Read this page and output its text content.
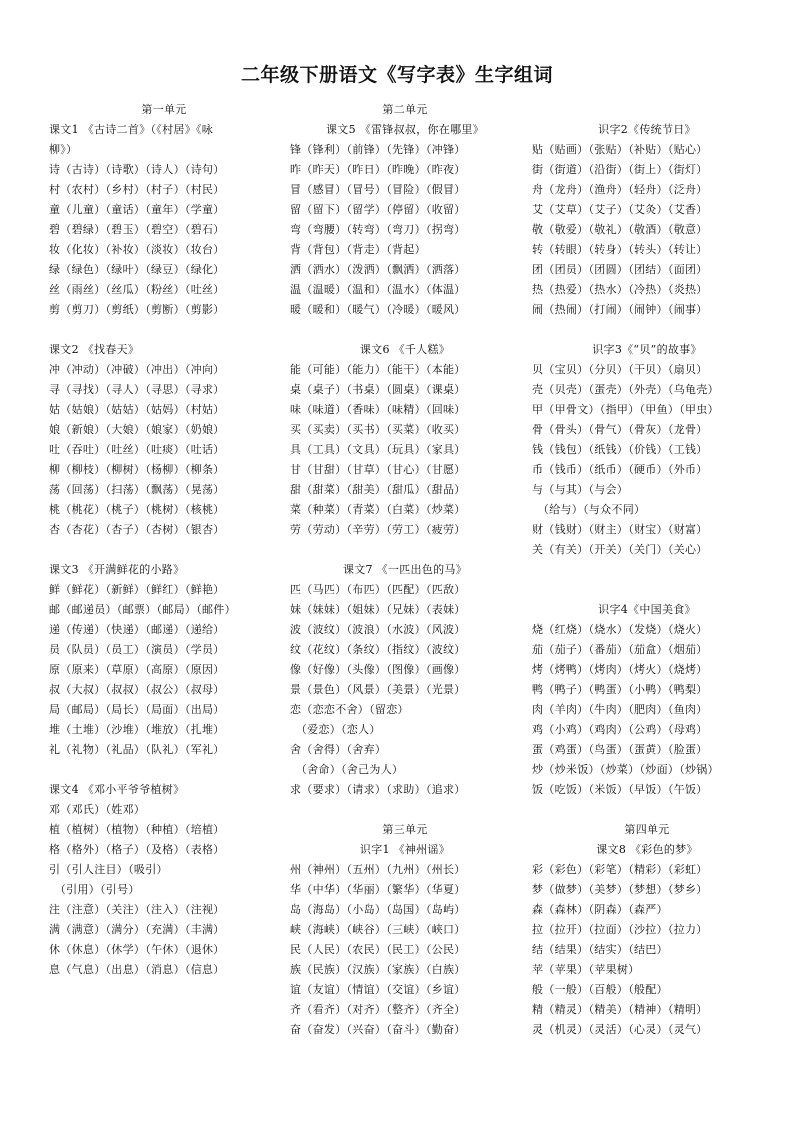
二年级下册语文《写字表》生字组词
第一单元
课文1 《古诗二首》（《村居》《咏
柳》）
诗（古诗）（诗歌）（诗人）（诗句）
村（农村）（乡村）（村子）（村民）
童（儿童）（童话）（童年）（学童）
碧（碧绿）（碧玉）（碧空）（碧石）
妆（化妆）（补妆）（淡妆）（妆台）
绿（绿色）（绿叶）（绿豆）（绿化）
丝（雨丝）（丝瓜）（粉丝）（吐丝）
剪（剪刀）（剪纸）（剪断）（剪影）
课文2 《找春天》
冲（冲动）（冲破）（冲出）（冲向）
寻（寻找）（寻人）（寻思）（寻求）
姑（姑娘）（姑姑）（姑妈）（村姑）
娘（新娘）（大娘）（娘家）（奶娘）
吐（吞吐）（吐丝）（吐痰）（吐话）
柳（柳枝）（柳树）（杨柳）（柳条）
荡（回荡）（扫荡）（飘荡）（晃荡）
桃（桃花）（桃子）（桃树）（核桃）
杏（杏花）（杏子）（杏树）（银杏）
课文3 《开满鲜花的小路》
鲜（鲜花）（新鲜）（鲜红）（鲜艳）
邮（邮递员）（邮票）（邮局）（邮件）
递（传递）（快递）（邮递）（递给）
员（队员）（员工）（演员）（学员）
原（原来）（草原）（高原）（原因）
叔（大叔）（叔叔）（叔公）（叔母）
局（邮局）（局长）（局面）（出局）
堆（土堆）（沙堆）（堆放）（扎堆）
礼（礼物）（礼品）（队礼）（军礼）
课文4 《邓小平爷爷植树》
邓（邓氏）（姓邓）
植（植树）（植物）（种植）（培植）
格（格外）（格子）（及格）（表格）
引（引人注目）（吸引）
　（引用）（引号）
注（注意）（关注）（注入）（注视）
满（满意）（满分）（充满）（丰满）
休（休息）（休学）（午休）（退休）
息（气息）（出息）（消息）（信息）
第二单元
课文5 《雷锋叔叔，你在哪里》
锋（锋利）（前锋）（先锋）（冲锋）
昨（昨天）（昨日）（昨晚）（昨夜）
冒（感冒）（冒号）（冒险）（假冒）
留（留下）（留学）（停留）（收留）
弯（弯腰）（转弯）（弯刀）（拐弯）
背（背包）（背走）（背起）
洒（洒水）（泼洒）（飘洒）（洒落）
温（温暖）（温和）（温水）（体温）
暖（暖和）（暖气）（冷暖）（暖风）
课文6 《千人糕》
能（可能）（能力）（能干）（本能）
桌（桌子）（书桌）（圆桌）（课桌）
味（味道）（香味）（味精）（回味）
买（买卖）（买书）（买菜）（收买）
具（工具）（文具）（玩具）（家具）
甘（甘甜）（甘草）（甘心）（甘愿）
甜（甜菜）（甜美）（甜瓜）（甜品）
菜（种菜）（青菜）（白菜）（炒菜）
劳（劳动）（辛劳）（劳工）（疲劳）
课文7 《一匹出色的马》
匹（马匹）（布匹）（匹配）（匹敌）
妹（妹妹）（姐妹）（兄妹）（表妹）
波（波纹）（波浪）（水波）（风波）
纹（花纹）（条纹）（指纹）（波纹）
像（好像）（头像）（图像）（画像）
景（景色）（风景）（美景）（光景）
恋（恋恋不舍）（留恋）
　（爱恋）（恋人）
舍（舍得）（舍弃）
　（舍命）（舍己为人）
求（要求）（请求）（求助）（追求）
第三单元
识字1 《神州谣》
州（神州）（五州）（九州）（州长）
华（中华）（华丽）（繁华）（华夏）
岛（海岛）（小岛）（岛国）（岛屿）
峡（海峡）（峡谷）（三峡）（峡口）
民（人民）（农民）（民工）（公民）
族（民族）（汉族）（家族）（白族）
谊（友谊）（情谊）（交谊）（乡谊）
齐（看齐）（对齐）（整齐）（齐全）
奋（奋发）（兴奋）（奋斗）（勤奋）
识字2《传统节日》
贴（贴画）（张贴）（补贴）（贴心）
街（街道）（沿街）（街上）（街灯）
舟（龙舟）（渔舟）（轻舟）（泛舟）
艾（艾草）（艾子）（艾灸）（艾香）
敬（敬爱）（敬礼）（敬酒）（敬意）
转（转眼）（转身）（转头）（转让）
团（团员）（团圆）（团结）（面团）
热（热爱）（热水）（冷热）（炎热）
闹（热闹）（打闹）（闹钟）（闹事）
识字3《“贝”的故事》
贝（宝贝）（分贝）（干贝）（扇贝）
壳（贝壳）（蛋壳）（外壳）（乌龟壳）
甲（甲骨文）（指甲）（甲鱼）（甲虫）
骨（骨头）（骨气）（骨灰）（龙骨）
钱（钱包）（纸钱）（价钱）（工钱）
币（钱币）（纸币）（硬币）（外币）
与（与其）（与会）
　（给与）（与众不同）
财（钱财）（财主）（财宝）（财富）
关（有关）（开关）（关门）（关心）
识字4《中国美食》
烧（红烧）（烧水）（发烧）（烧火）
茄（茄子）（番茄）（茄盒）（烟茄）
烤（烤鸭）（烤肉）（烤火）（烧烤）
鸭（鸭子）（鸭蛋）（小鸭）（鸭梨）
肉（羊肉）（牛肉）（肥肉）（鱼肉）
鸡（小鸡）（鸡肉）（公鸡）（母鸡）
蛋（鸡蛋）（鸟蛋）（蛋黄）（脸蛋）
炒（炒米饭）（炒菜）（炒面）（炒锅）
饭（吃饭）（米饭）（早饭）（午饭）
第四单元
课文8 《彩色的梦》
彩（彩色）（彩笔）（精彩）（彩虹）
梦（做梦）（美梦）（梦想）（梦乡）
森（森林）（阴森）（森严）
拉（拉开）（拉面）（沙拉）（拉力）
结（结果）（结实）（结巴）
苹（苹果）（苹果树）
般（一般）（百般）（般配）
精（精灵）（精美）（精神）（精明）
灵（机灵）（灵活）（心灵）（灵气）
